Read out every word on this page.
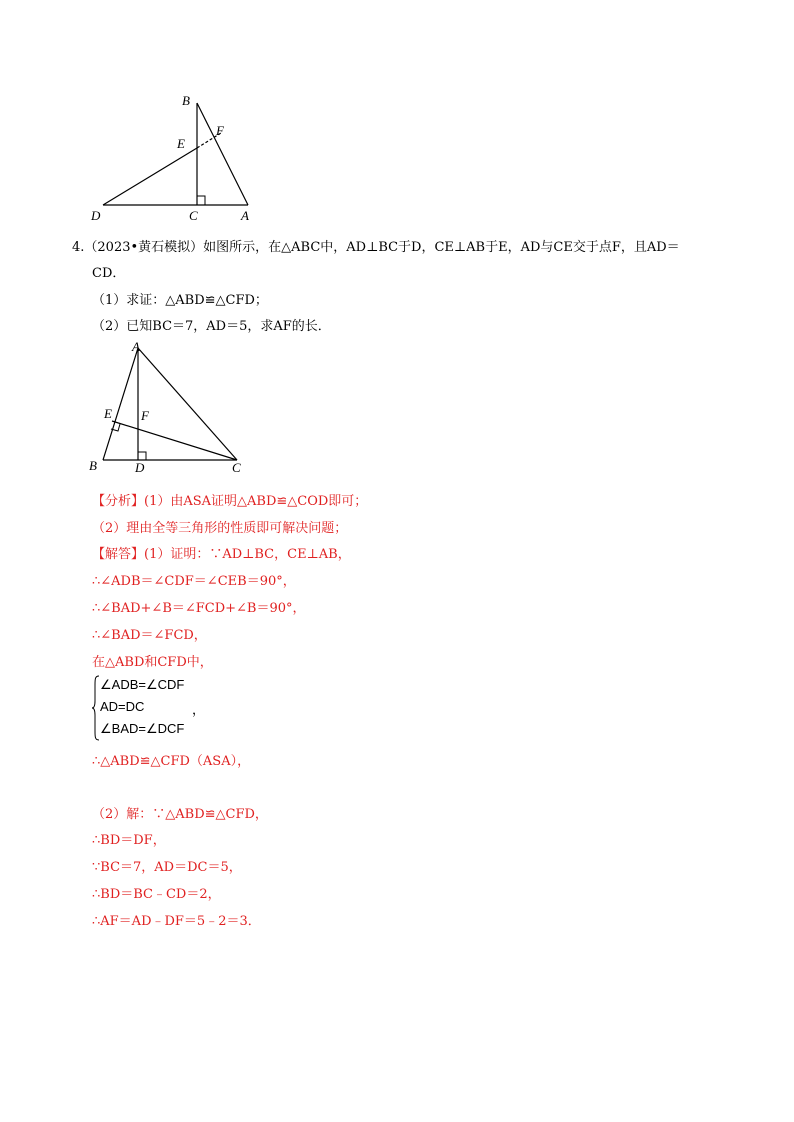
B
E
F
D	C	A
4.（2023•黄石模拟）如图所示，在△ABC中，AD⊥BC于D，CE⊥AB于E，AD与CE交于点F，且AD＝
CD．
（1）求证：△ABD≌△CFD；
（2）已知BC＝7，AD＝5，求AF的长．
A
E F
B	D	C
【分析】(1）由ASA证明△ABD≌△COD即可；
（2）理由全等三角形的性质即可解决问题；
【解答】(1）证明：∵AD⊥BC，CE⊥AB，
∴∠ADB＝∠CDF＝∠CEB＝90°，
∴∠BAD+∠B＝∠FCD+∠B＝90°，
∴∠BAD＝∠FCD，
在△ABD和CFD中，
∠ADB=∠CDF
AD=DC
∠BAD=∠DCF
，
∴△ABD≌△CFD（ASA），
（2）解：∵△ABD≌△CFD，
∴BD＝DF，
∵BC＝7，AD＝DC＝5，
∴BD＝BC﹣CD＝2，
∴AF＝AD﹣DF＝5﹣2＝3．
